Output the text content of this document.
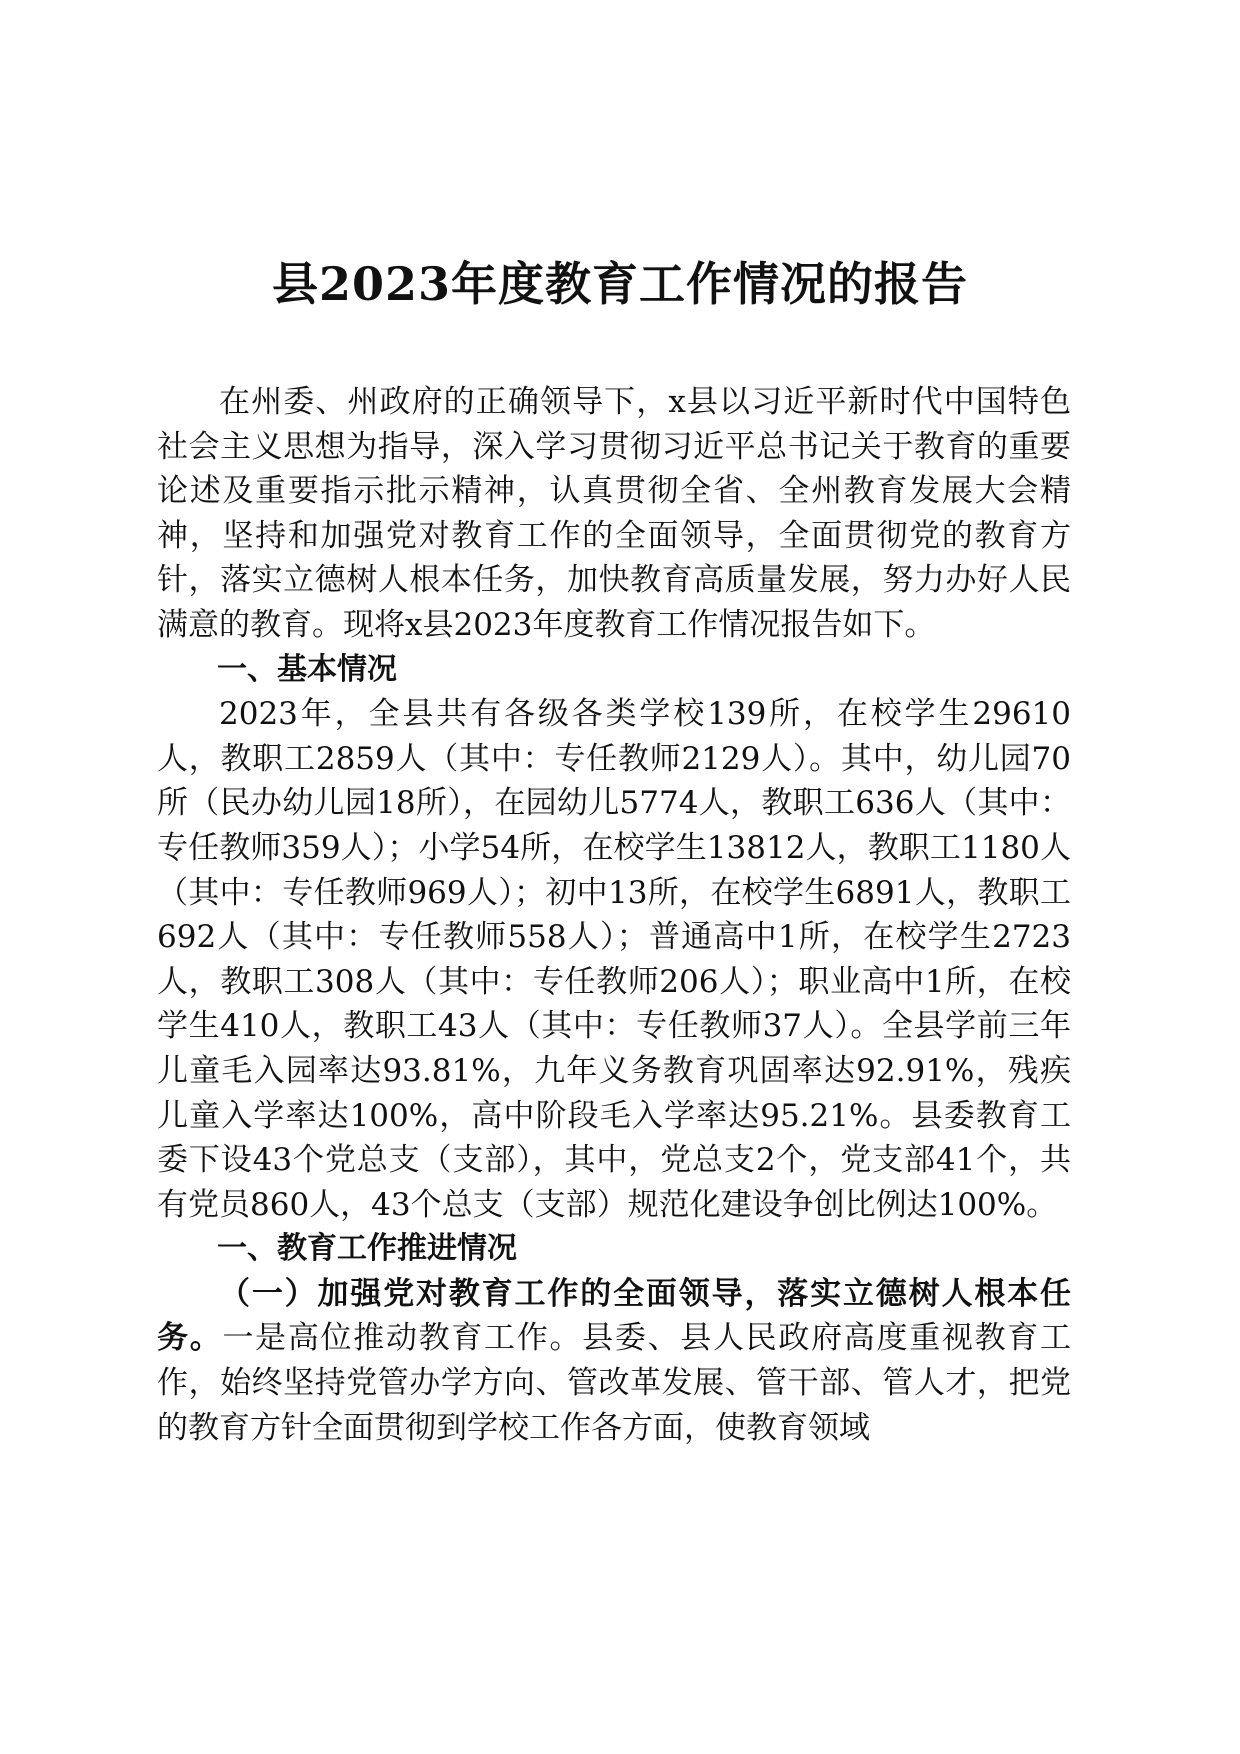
县2023年度教育工作情况的报告

在州委、州政府的正确领导下，x县以习近平新时代中国特色社会主义思想为指导，深入学习贯彻习近平总书记关于教育的重要论述及重要指示批示精神，认真贯彻全省、全州教育发展大会精神，坚持和加强党对教育工作的全面领导，全面贯彻党的教育方针，落实立德树人根本任务，加快教育高质量发展，努力办好人民满意的教育。现将x县2023年度教育工作情况报告如下。

一、基本情况

2023年，全县共有各级各类学校139所，在校学生29610人，教职工2859人（其中：专任教师2129人）。其中，幼儿园70所（民办幼儿园18所），在园幼儿5774人，教职工636人（其中：专任教师359人）；小学54所，在校学生13812人，教职工1180人（其中：专任教师969人）；初中13所，在校学生6891人，教职工692人（其中：专任教师558人）；普通高中1所，在校学生2723人，教职工308人（其中：专任教师206人）；职业高中1所，在校学生410人，教职工43人（其中：专任教师37人）。全县学前三年儿童毛入园率达93.81%，九年义务教育巩固率达92.91%，残疾儿童入学率达100%，高中阶段毛入学率达95.21%。县委教育工委下设43个党总支（支部），其中，党总支2个，党支部41个，共有党员860人，43个总支（支部）规范化建设争创比例达100%。

一、教育工作推进情况

（一）加强党对教育工作的全面领导，落实立德树人根本任务。一是高位推动教育工作。县委、县人民政府高度重视教育工作，始终坚持党管办学方向、管改革发展、管干部、管人才，把党的教育方针全面贯彻到学校工作各方面，使教育领域
